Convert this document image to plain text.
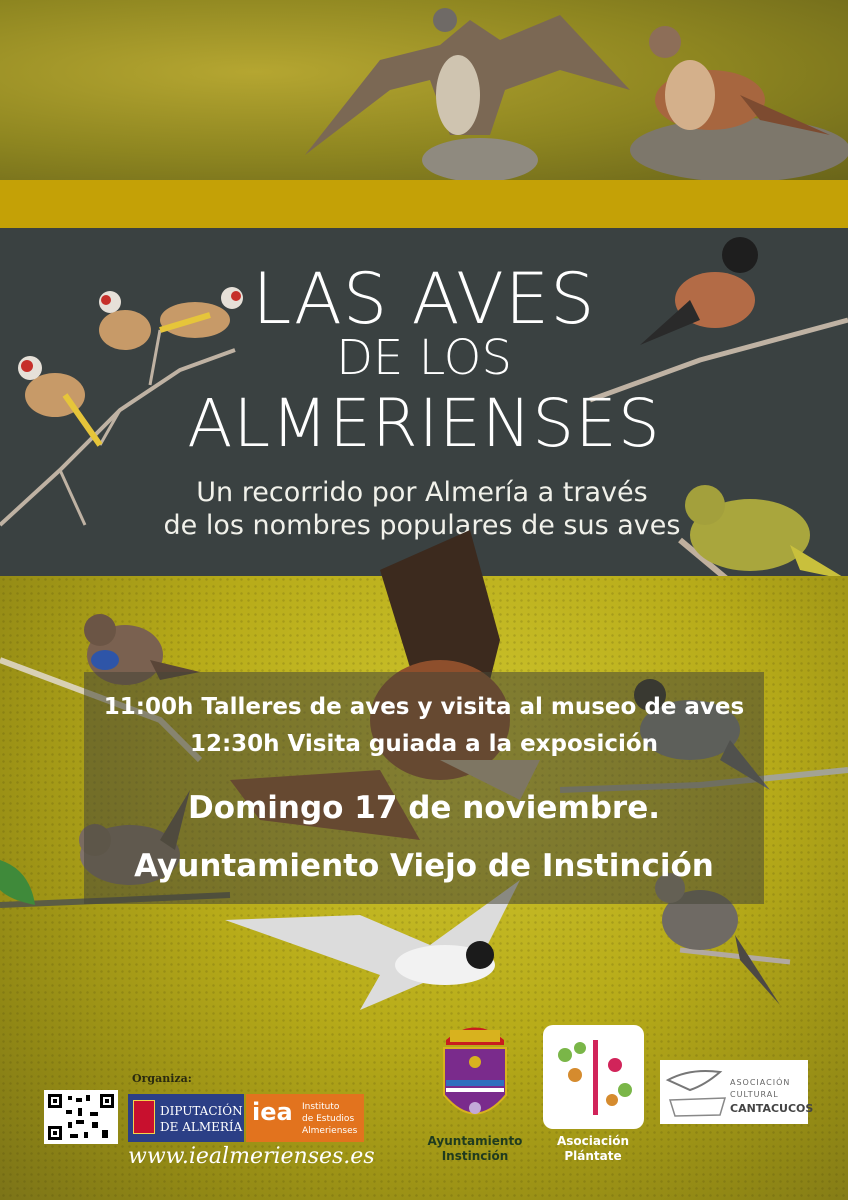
LAS AVES
DE LOS
ALMERIENSES
Un recorrido por Almería a través
de los nombres populares de sus aves
11:00h Talleres de aves y visita al museo de aves
12:30h Visita guiada a la exposición
Domingo 17 de noviembre.
Ayuntamiento Viejo de Instinción
Organiza:
DIPUTACIÓN
DE ALMERÍA
iea Instituto
de Estudios
Almerienses
www.iealmerienses.es
Ayuntamiento
Instinción
Asociación
Plántate
ASOCIACIÓN
CULTURAL
CANTACUCOS
